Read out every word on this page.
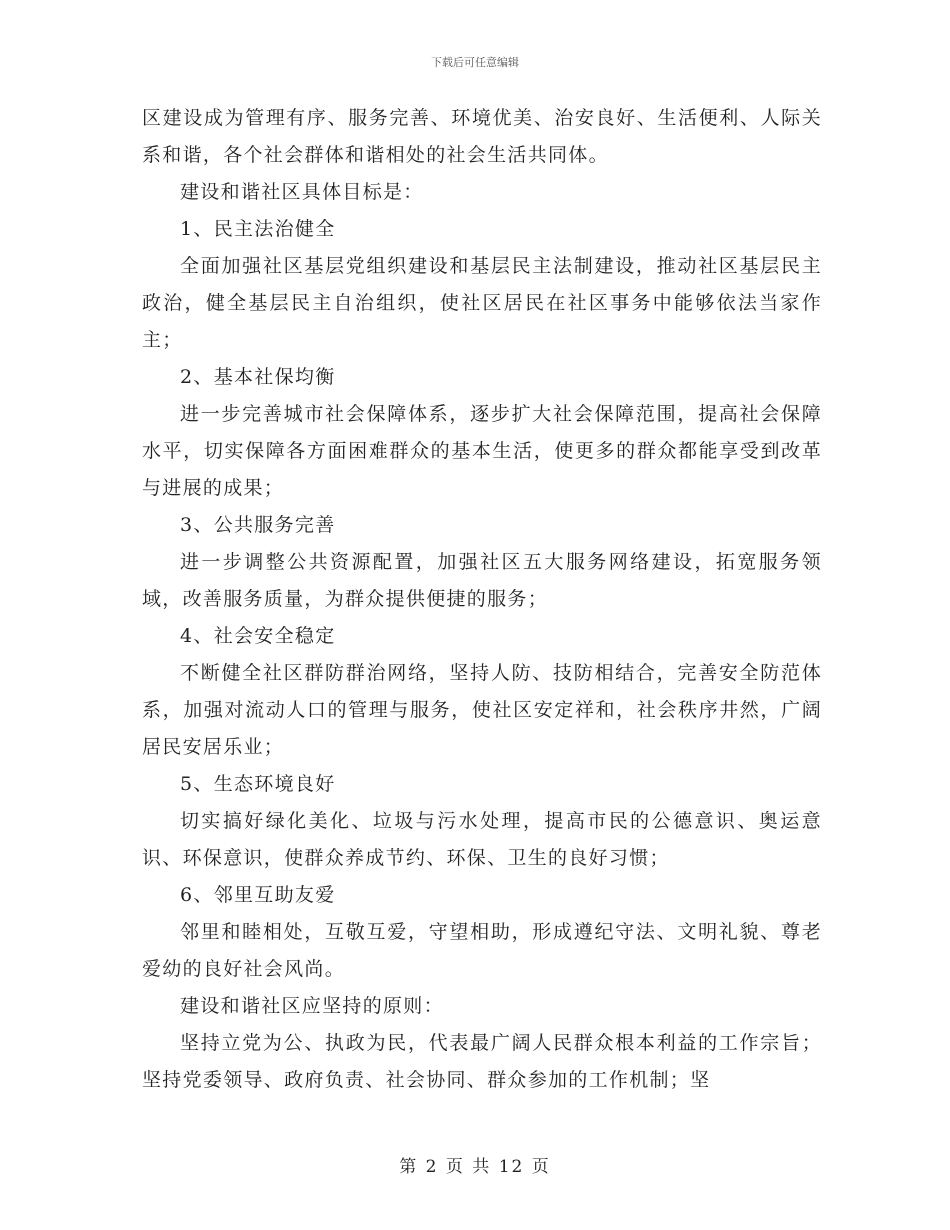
下载后可任意编辑

区建设成为管理有序、服务完善、环境优美、治安良好、生活便利、人际关系和谐，各个社会群体和谐相处的社会生活共同体。

建设和谐社区具体目标是：

1、民主法治健全

全面加强社区基层党组织建设和基层民主法制建设，推动社区基层民主政治，健全基层民主自治组织，使社区居民在社区事务中能够依法当家作主；

2、基本社保均衡

进一步完善城市社会保障体系，逐步扩大社会保障范围，提高社会保障水平，切实保障各方面困难群众的基本生活，使更多的群众都能享受到改革与进展的成果；

3、公共服务完善

进一步调整公共资源配置，加强社区五大服务网络建设，拓宽服务领域，改善服务质量，为群众提供便捷的服务；

4、社会安全稳定

不断健全社区群防群治网络，坚持人防、技防相结合，完善安全防范体系，加强对流动人口的管理与服务，使社区安定祥和，社会秩序井然，广阔居民安居乐业；

5、生态环境良好

切实搞好绿化美化、垃圾与污水处理，提高市民的公德意识、奥运意识、环保意识，使群众养成节约、环保、卫生的良好习惯；

6、邻里互助友爱

邻里和睦相处，互敬互爱，守望相助，形成遵纪守法、文明礼貌、尊老爱幼的良好社会风尚。

建设和谐社区应坚持的原则：

坚持立党为公、执政为民，代表最广阔人民群众根本利益的工作宗旨；坚持党委领导、政府负责、社会协同、群众参加的工作机制；坚

第 2 页 共 12 页
